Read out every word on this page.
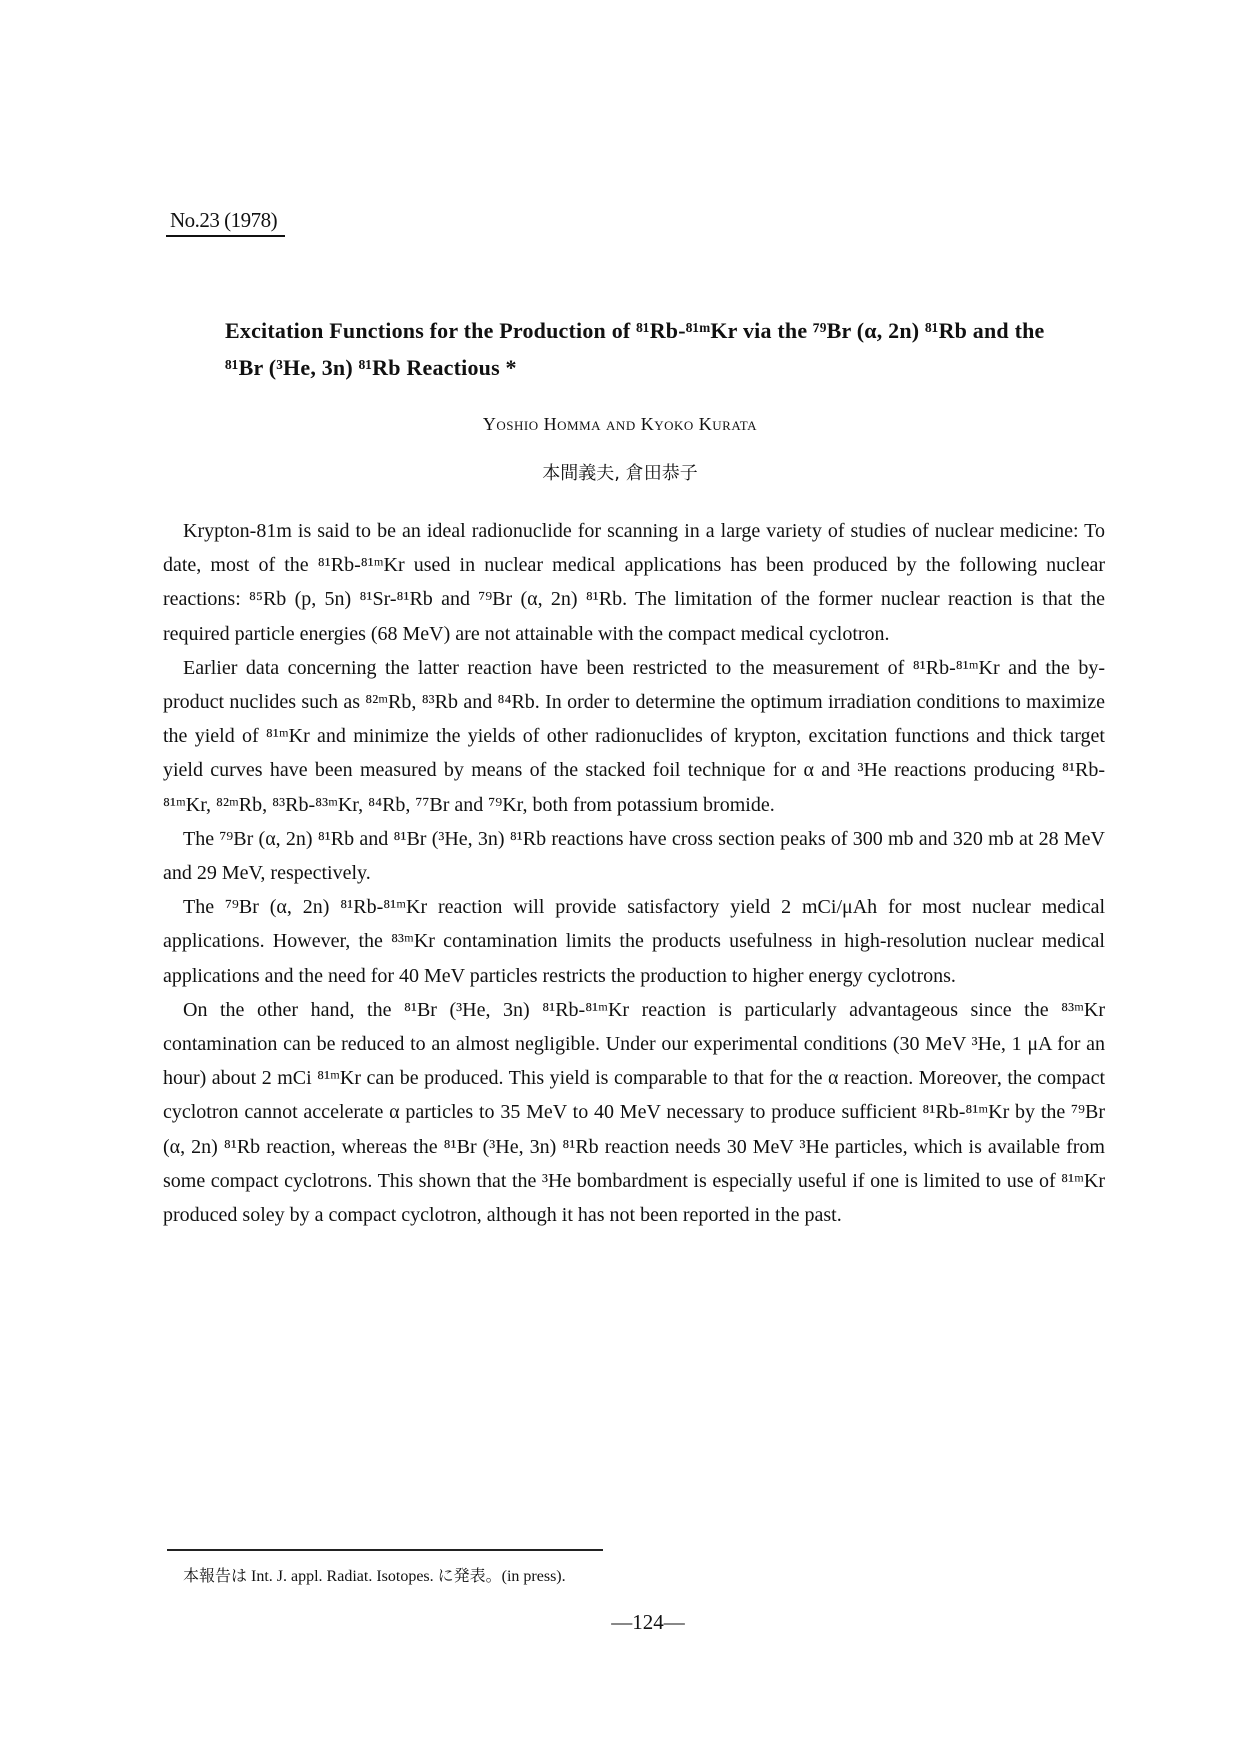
No.23 (1978)
Excitation Functions for the Production of ⁸¹Rb-⁸¹ᵐKr via the ⁷⁹Br (α, 2n) ⁸¹Rb and the ⁸¹Br (³He, 3n) ⁸¹Rb Reactious *
Yoshio Homma and Kyoko Kurata
本間義夫, 倉田恭子

Krypton-81m is said to be an ideal radionuclide for scanning in a large variety of studies of nuclear medicine: To date, most of the ⁸¹Rb-⁸¹ᵐKr used in nuclear medical applications has been produced by the following nuclear reactions: ⁸⁵Rb (p, 5n) ⁸¹Sr-⁸¹Rb and ⁷⁹Br (α, 2n) ⁸¹Rb. The limitation of the former nuclear reaction is that the required particle energies (68 MeV) are not attainable with the compact medical cyclotron.

Earlier data concerning the latter reaction have been restricted to the measurement of ⁸¹Rb-⁸¹ᵐKr and the by-product nuclides such as ⁸²ᵐRb, ⁸³Rb and ⁸⁴Rb. In order to determine the optimum irradiation conditions to maximize the yield of ⁸¹ᵐKr and minimize the yields of other radionuclides of krypton, excitation functions and thick target yield curves have been measured by means of the stacked foil technique for α and ³He reactions producing ⁸¹Rb-⁸¹ᵐKr, ⁸²ᵐRb, ⁸³Rb-⁸³ᵐKr, ⁸⁴Rb, ⁷⁷Br and ⁷⁹Kr, both from potassium bromide.

The ⁷⁹Br (α, 2n) ⁸¹Rb and ⁸¹Br (³He, 3n) ⁸¹Rb reactions have cross section peaks of 300 mb and 320 mb at 28 MeV and 29 MeV, respectively.

The ⁷⁹Br (α, 2n) ⁸¹Rb-⁸¹ᵐKr reaction will provide satisfactory yield 2 mCi/μAh for most nuclear medical applications. However, the ⁸³ᵐKr contamination limits the products usefulness in high-resolution nuclear medical applications and the need for 40 MeV particles restricts the production to higher energy cyclotrons.

On the other hand, the ⁸¹Br (³He, 3n) ⁸¹Rb-⁸¹ᵐKr reaction is particularly advantageous since the ⁸³ᵐKr contamination can be reduced to an almost negligible. Under our experimental conditions (30 MeV ³He, 1 μA for an hour) about 2 mCi ⁸¹ᵐKr can be produced. This yield is comparable to that for the α reaction. Moreover, the compact cyclotron cannot accelerate α particles to 35 MeV to 40 MeV necessary to produce sufficient ⁸¹Rb-⁸¹ᵐKr by the ⁷⁹Br (α, 2n) ⁸¹Rb reaction, whereas the ⁸¹Br (³He, 3n) ⁸¹Rb reaction needs 30 MeV ³He particles, which is available from some compact cyclotrons. This shown that the ³He bombardment is especially useful if one is limited to use of ⁸¹ᵐKr produced soley by a compact cyclotron, although it has not been reported in the past.

本報告は Int. J. appl. Radiat. Isotopes. に発表。(in press).
—124—
